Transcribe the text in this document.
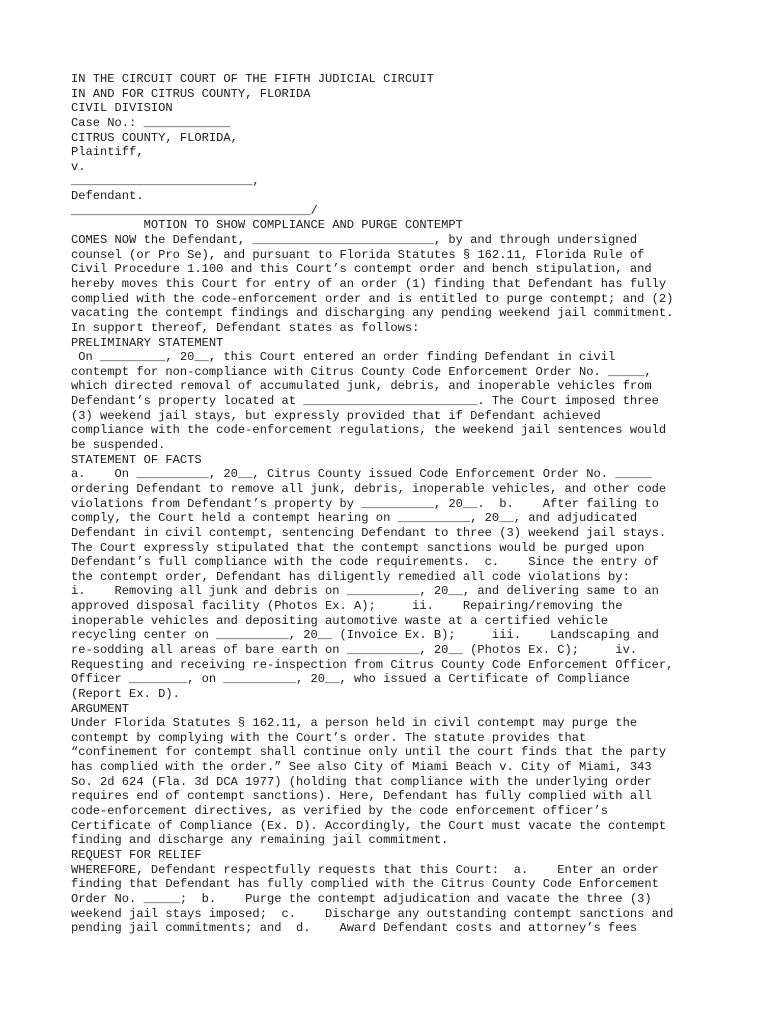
IN THE CIRCUIT COURT OF THE FIFTH JUDICIAL CIRCUIT
IN AND FOR CITRUS COUNTY, FLORIDA
CIVIL DIVISION
Case No.: ____________
CITRUS COUNTY, FLORIDA,
Plaintiff,
v.
_________________________,
Defendant.
_________________________________/
MOTION TO SHOW COMPLIANCE AND PURGE CONTEMPT
COMES NOW the Defendant, _________________________, by and through undersigned
counsel (or Pro Se), and pursuant to Florida Statutes § 162.11, Florida Rule of
Civil Procedure 1.100 and this Court’s contempt order and bench stipulation, and
hereby moves this Court for entry of an order (1) finding that Defendant has fully
complied with the code-enforcement order and is entitled to purge contempt; and (2)
vacating the contempt findings and discharging any pending weekend jail commitment.
In support thereof, Defendant states as follows:
PRELIMINARY STATEMENT
On _________, 20__, this Court entered an order finding Defendant in civil
contempt for non-compliance with Citrus County Code Enforcement Order No. _____,
which directed removal of accumulated junk, debris, and inoperable vehicles from
Defendant’s property located at ________________________. The Court imposed three
(3) weekend jail stays, but expressly provided that if Defendant achieved
compliance with the code-enforcement regulations, the weekend jail sentences would
be suspended.
STATEMENT OF FACTS
a.    On __________, 20__, Citrus County issued Code Enforcement Order No. _____
ordering Defendant to remove all junk, debris, inoperable vehicles, and other code
violations from Defendant’s property by __________, 20__.  b.    After failing to
comply, the Court held a contempt hearing on __________, 20__, and adjudicated
Defendant in civil contempt, sentencing Defendant to three (3) weekend jail stays.
The Court expressly stipulated that the contempt sanctions would be purged upon
Defendant’s full compliance with the code requirements.  c.    Since the entry of
the contempt order, Defendant has diligently remedied all code violations by:
i.    Removing all junk and debris on __________, 20__, and delivering same to an
approved disposal facility (Photos Ex. A);     ii.    Repairing/removing the
inoperable vehicles and depositing automotive waste at a certified vehicle
recycling center on __________, 20__ (Invoice Ex. B);     iii.    Landscaping and
re-sodding all areas of bare earth on __________, 20__ (Photos Ex. C);     iv.
Requesting and receiving re-inspection from Citrus County Code Enforcement Officer,
Officer ________, on __________, 20__, who issued a Certificate of Compliance
(Report Ex. D).
ARGUMENT
Under Florida Statutes § 162.11, a person held in civil contempt may purge the
contempt by complying with the Court’s order. The statute provides that
“confinement for contempt shall continue only until the court finds that the party
has complied with the order.” See also City of Miami Beach v. City of Miami, 343
So. 2d 624 (Fla. 3d DCA 1977) (holding that compliance with the underlying order
requires end of contempt sanctions). Here, Defendant has fully complied with all
code-enforcement directives, as verified by the code enforcement officer’s
Certificate of Compliance (Ex. D). Accordingly, the Court must vacate the contempt
finding and discharge any remaining jail commitment.
REQUEST FOR RELIEF
WHEREFORE, Defendant respectfully requests that this Court:  a.    Enter an order
finding that Defendant has fully complied with the Citrus County Code Enforcement
Order No. _____;  b.    Purge the contempt adjudication and vacate the three (3)
weekend jail stays imposed;  c.    Discharge any outstanding contempt sanctions and
pending jail commitments; and  d.    Award Defendant costs and attorney’s fees
